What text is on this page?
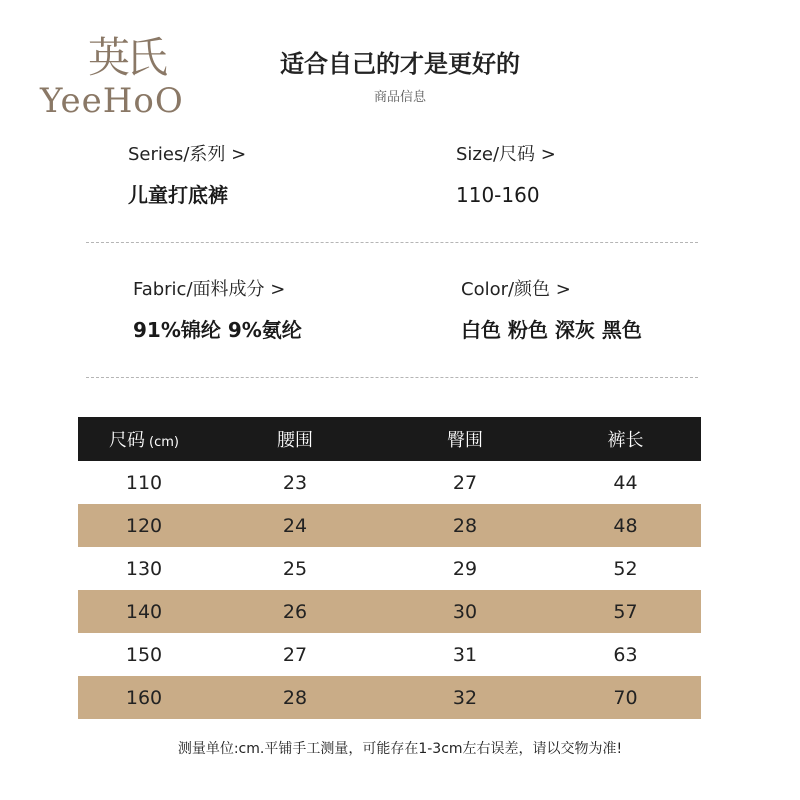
英氏
YeeHoO
适合自己的才是更好的
商品信息
Series/系列 >
儿童打底裤
Size/尺码 >
110-160
Fabric/面料成分 >
91%锦纶 9%氨纶
Color/颜色 >
白色 粉色 深灰 黑色
尺码 (cm)	腰围	臀围	裤长
110	23	27	44
120	24	28	48
130	25	29	52
140	26	30	57
150	27	31	63
160	28	32	70
测量单位:cm.平铺手工测量，可能存在1-3cm左右误差，请以交物为准!
